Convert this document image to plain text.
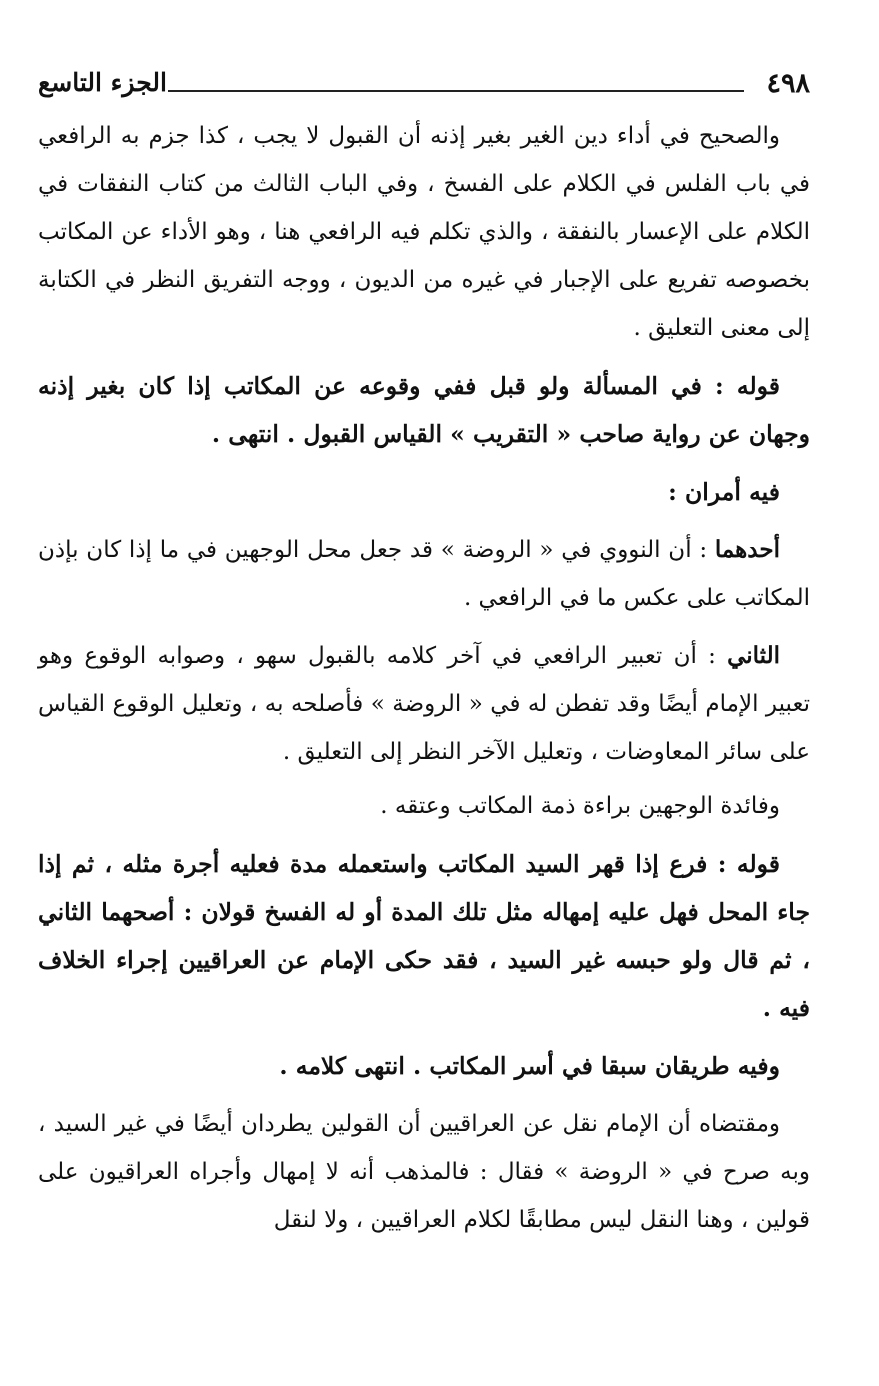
٤٩٨
الجزء التاسع

والصحيح في أداء دين الغير بغير إذنه أن القبول لا يجب ، كذا جزم به الرافعي في باب الفلس في الكلام على الفسخ ، وفي الباب الثالث من كتاب النفقات في الكلام على الإعسار بالنفقة ، والذي تكلم فيه الرافعي هنا ، وهو الأداء عن المكاتب بخصوصه تفريع على الإجبار في غيره من الديون ، ووجه التفريق النظر في الكتابة إلى معنى التعليق .

قوله : في المسألة ولو قبل ففي وقوعه عن المكاتب إذا كان بغير إذنه وجهان عن رواية صاحب « التقريب » القياس القبول . انتهى .

فيه أمران :

أحدهما : أن النووي في « الروضة » قد جعل محل الوجهين في ما إذا كان بإذن المكاتب على عكس ما في الرافعي .

الثاني : أن تعبير الرافعي في آخر كلامه بالقبول سهو ، وصوابه الوقوع وهو تعبير الإمام أيضًا وقد تفطن له في « الروضة » فأصلحه به ، وتعليل الوقوع القياس على سائر المعاوضات ، وتعليل الآخر النظر إلى التعليق .

وفائدة الوجهين براءة ذمة المكاتب وعتقه .

قوله : فرع إذا قهر السيد المكاتب واستعمله مدة فعليه أجرة مثله ، ثم إذا جاء المحل فهل عليه إمهاله مثل تلك المدة أو له الفسخ قولان : أصحهما الثاني ، ثم قال ولو حبسه غير السيد ، فقد حكى الإمام عن العراقيين إجراء الخلاف فيه .

وفيه طريقان سبقا في أسر المكاتب . انتهى كلامه .

ومقتضاه أن الإمام نقل عن العراقيين أن القولين يطردان أيضًا في غير السيد ، وبه صرح في « الروضة » فقال : فالمذهب أنه لا إمهال وأجراه العراقيون على قولين ، وهنا النقل ليس مطابقًا لكلام العراقيين ، ولا لنقل
